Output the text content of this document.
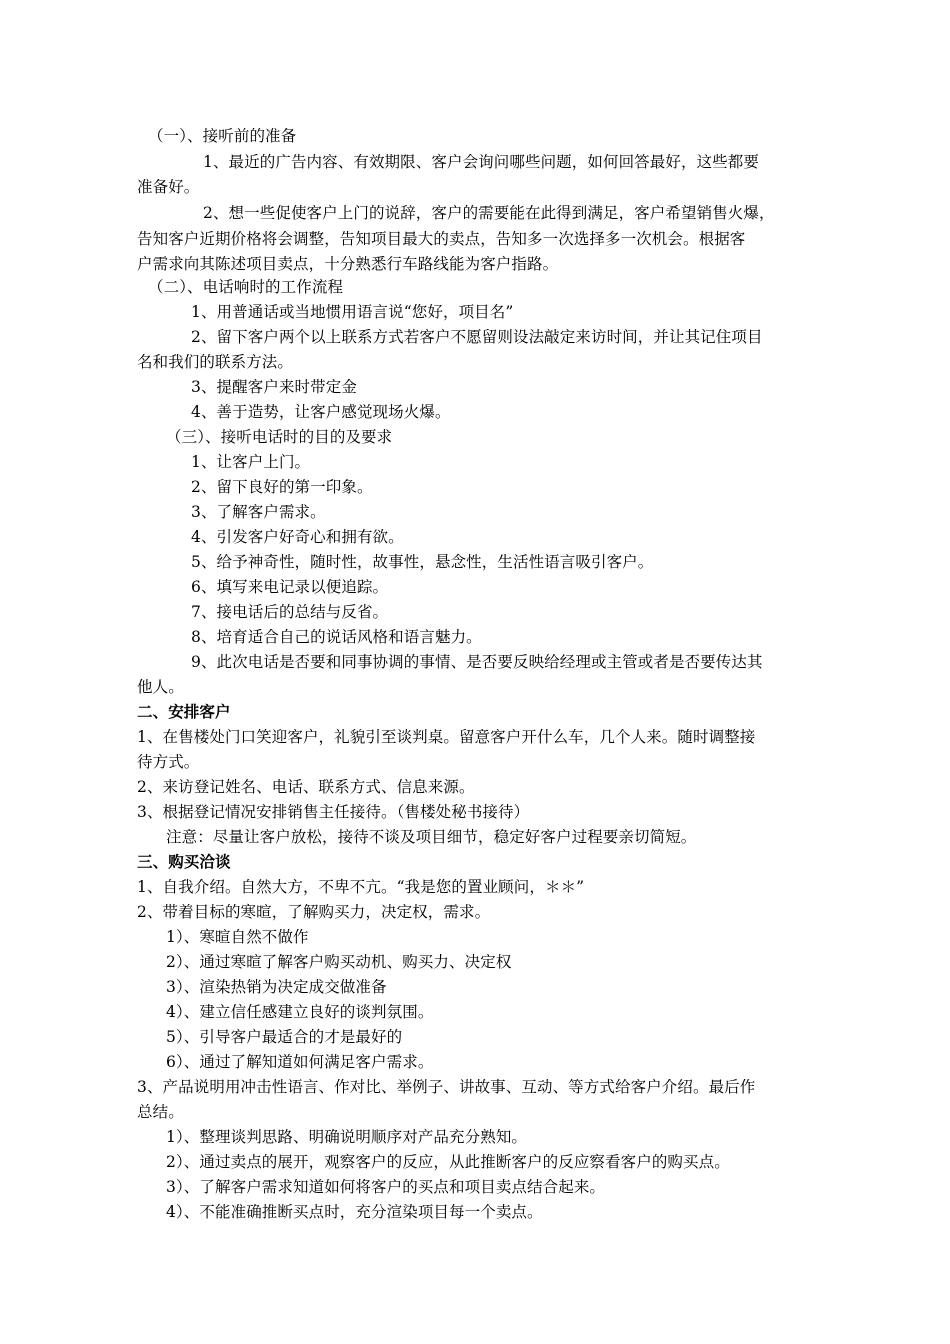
（一）、接听前的准备
1、最近的广告内容、有效期限、客户会询问哪些问题，如何回答最好，这些都要
准备好。
2、想一些促使客户上门的说辞，客户的需要能在此得到满足，客户希望销售火爆，
告知客户近期价格将会调整，告知项目最大的卖点，告知多一次选择多一次机会。根据客
户需求向其陈述项目卖点，十分熟悉行车路线能为客户指路。
（二）、电话响时的工作流程
1、用普通话或当地惯用语言说“您好，项目名”
2、留下客户两个以上联系方式若客户不愿留则设法敲定来访时间，并让其记住项目
名和我们的联系方法。
3、提醒客户来时带定金
4、善于造势，让客户感觉现场火爆。
（三）、接听电话时的目的及要求
1、让客户上门。
2、留下良好的第一印象。
3、了解客户需求。
4、引发客户好奇心和拥有欲。
5、给予神奇性，随时性，故事性，悬念性，生活性语言吸引客户。
6、填写来电记录以便追踪。
7、接电话后的总结与反省。
8、培育适合自己的说话风格和语言魅力。
9、此次电话是否要和同事协调的事情、是否要反映给经理或主管或者是否要传达其
他人。
二、安排客户
1、在售楼处门口笑迎客户，礼貌引至谈判桌。留意客户开什么车，几个人来。随时调整接
待方式。
2、来访登记姓名、电话、联系方式、信息来源。
3、根据登记情况安排销售主任接待。（售楼处秘书接待）
注意：尽量让客户放松，接待不谈及项目细节，稳定好客户过程要亲切简短。
三、购买洽谈
1、自我介绍。自然大方，不卑不亢。“我是您的置业顾问，＊＊”
2、带着目标的寒暄，了解购买力，决定权，需求。
1）、寒暄自然不做作
2）、通过寒暄了解客户购买动机、购买力、决定权
3）、渲染热销为决定成交做准备
4）、建立信任感建立良好的谈判氛围。
5）、引导客户最适合的才是最好的
6）、通过了解知道如何满足客户需求。
3、产品说明用冲击性语言、作对比、举例子、讲故事、互动、等方式给客户介绍。最后作
总结。
1）、整理谈判思路、明确说明顺序对产品充分熟知。
2）、通过卖点的展开，观察客户的反应，从此推断客户的反应察看客户的购买点。
3）、了解客户需求知道如何将客户的买点和项目卖点结合起来。
4）、不能准确推断买点时，充分渲染项目每一个卖点。
